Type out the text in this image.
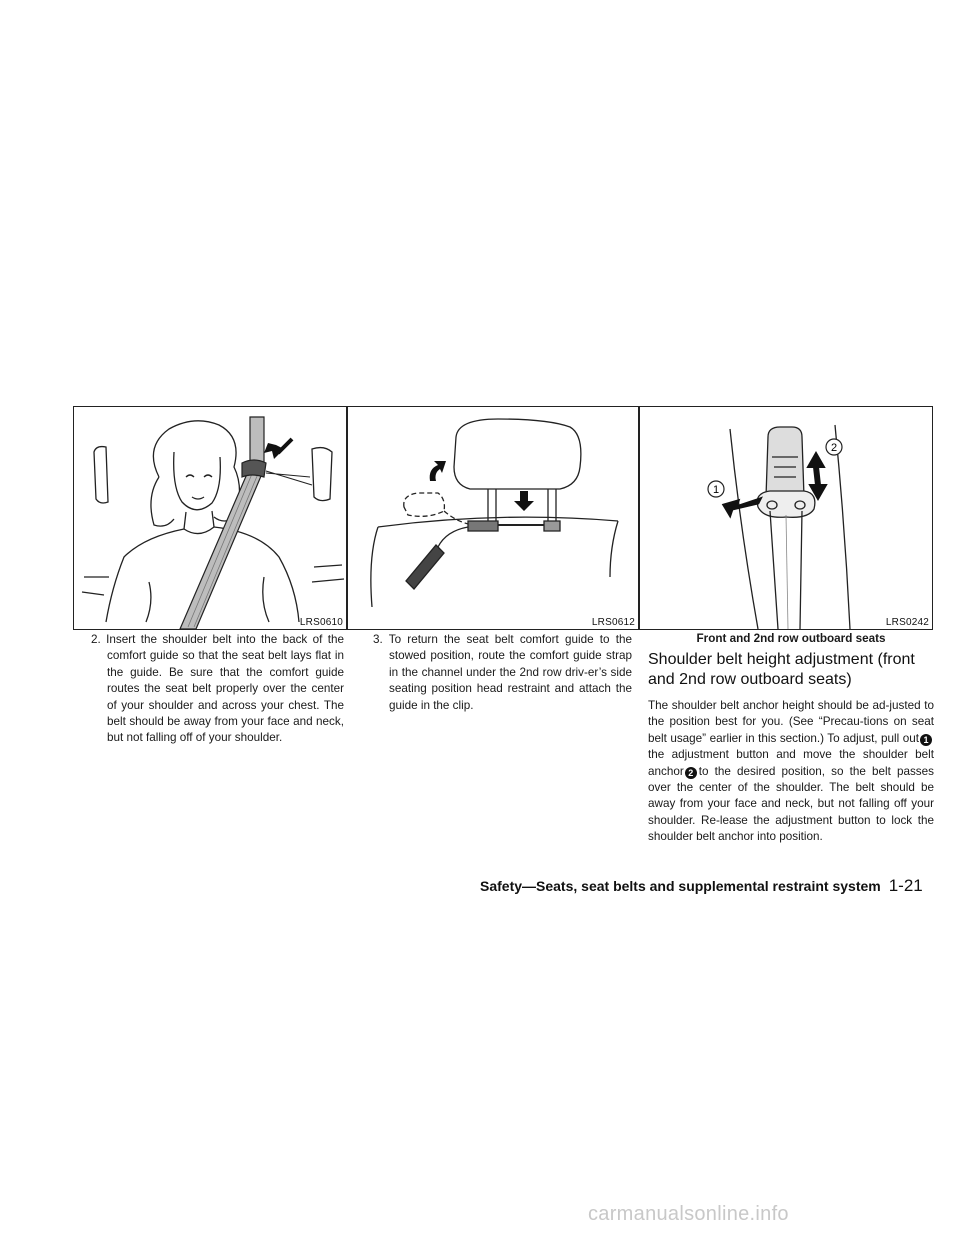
LRS0610	LRS0612
1
2
LRS0242

2. Insert the shoulder belt into the back of the comfort guide so that the seat belt lays flat in the guide. Be sure that the comfort guide routes the seat belt properly over the center of your shoulder and across your chest. The belt should be away from your face and neck, but not falling off of your shoulder.

3. To return the seat belt comfort guide to the stowed position, route the comfort guide strap in the channel under the 2nd row driv-er’s side seating position head restraint and attach the guide in the clip.

Front and 2nd row outboard seats

Shoulder belt height adjustment (front and 2nd row outboard seats)

The shoulder belt anchor height should be ad-justed to the position best for you. (See “Precau-tions on seat belt usage” earlier in this section.) To adjust, pull out 1the adjustment button and move the shoulder belt anchor 2 to the desired position, so the belt passes over the center of the shoulder. The belt should be away from your face and neck, but not falling off your shoulder. Re-lease the adjustment button to lock the shoulder belt anchor into position.

Safety—Seats, seat belts and supplemental restraint system 1-21
carmanualsonline.info
